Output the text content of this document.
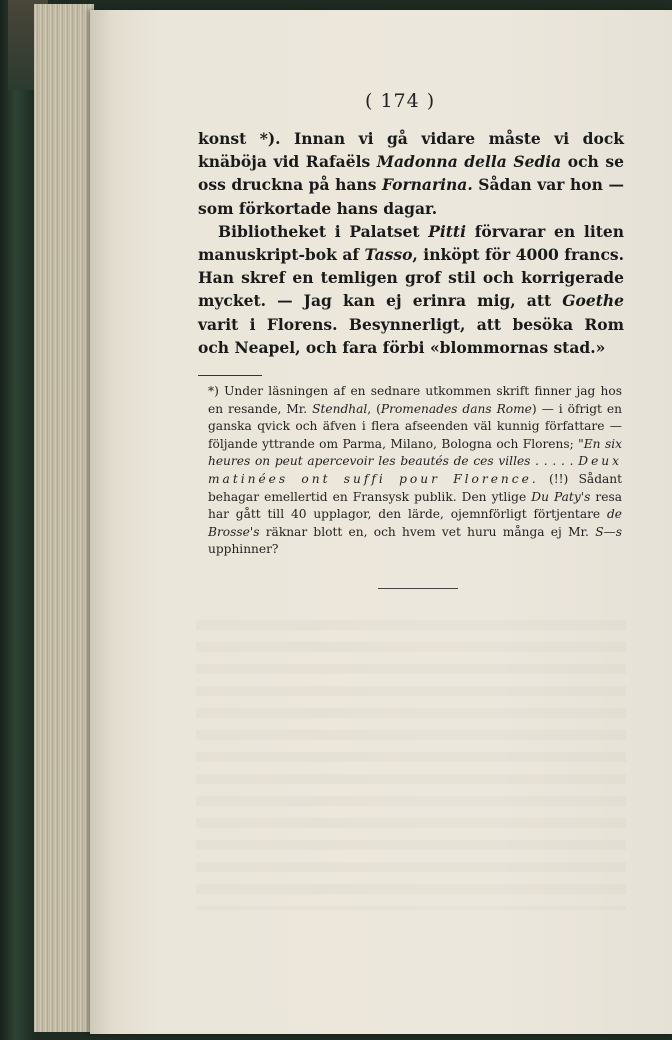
( 174 )

konst *). Innan vi gå vidare måste vi dock knäböja vid Rafaëls Madonna della Sedia och se oss druckna på hans Fornarina. Sådan var hon — som förkortade hans dagar.

Bibliotheket i Palatset Pitti förvarar en liten manuskript-bok af Tasso, inköpt för 4000 francs. Han skref en temligen grof stil och korrigerade mycket. — Jag kan ej erinra mig, att Goethe varit i Florens. Besynnerligt, att besöka Rom och Neapel, och fara förbi «blommornas stad.»

*) Under läsningen af en sednare utkommen skrift finner jag hos en resande, Mr. Stendhal, (Promenades dans Rome) — i öfrigt en ganska qvick och äfven i flera afseenden väl kunnig författare — följande yttrande om Parma, Milano, Bologna och Florens; "En six heures on peut apercevoir les beautés de ces villes . . . . . Deux matinées ont suffi pour Florence. (!!) Sådant behagar emellertid en Fransysk publik. Den ytlige Du Paty's resa har gått till 40 upplagor, den lärde, ojemnförligt förtjentare de Brosse's räknar blott en, och hvem vet huru många ej Mr. S—s upphinner?
